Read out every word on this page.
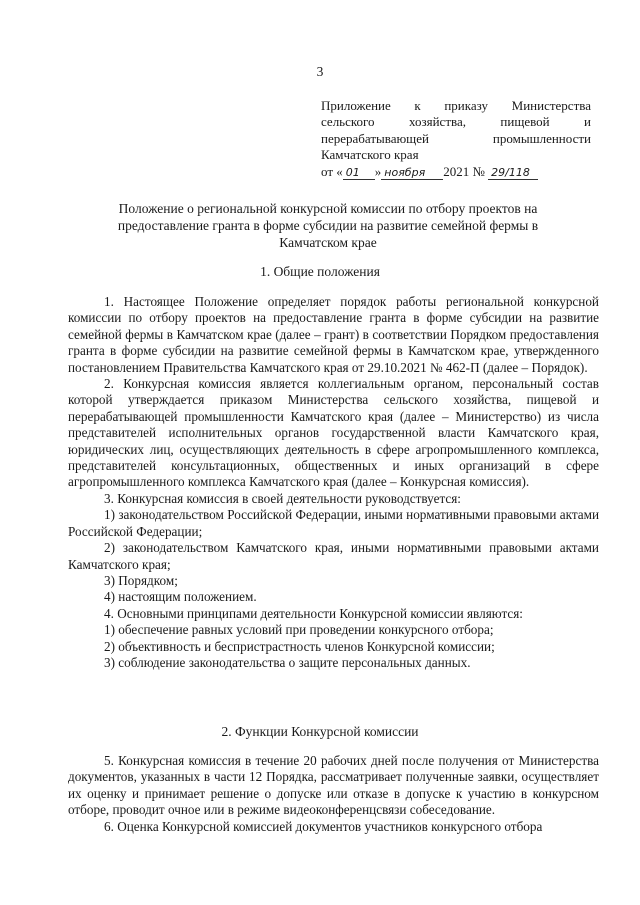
3
Приложение к приказу Министерства
сельского хозяйства, пищевой и
перерабатывающей промышленности
Камчатского края
от « 01 » ноября 2021 № 29/118
Положение о региональной конкурсной комиссии по отбору проектов на предоставление гранта в форме субсидии на развитие семейной фермы в Камчатском крае
1. Общие положения

1. Настоящее Положение определяет порядок работы региональной конкурсной комиссии по отбору проектов на предоставление гранта в форме субсидии на развитие семейной фермы в Камчатском крае (далее – грант) в соответствии Порядком предоставления гранта в форме субсидии на развитие семейной фермы в Камчатском крае, утвержденного постановлением Правительства Камчатского края от 29.10.2021 № 462-П (далее – Порядок).

2. Конкурсная комиссия является коллегиальным органом, персональный состав которой утверждается приказом Министерства сельского хозяйства, пищевой и перерабатывающей промышленности Камчатского края (далее – Министерство) из числа представителей исполнительных органов государственной власти Камчатского края, юридических лиц, осуществляющих деятельность в сфере агропромышленного комплекса, представителей консультационных, общественных и иных организаций в сфере агропромышленного комплекса Камчатского края (далее – Конкурсная комиссия).

3. Конкурсная комиссия в своей деятельности руководствуется:

1) законодательством Российской Федерации, иными нормативными правовыми актами Российской Федерации;

2) законодательством Камчатского края, иными нормативными правовыми актами Камчатского края;

3) Порядком;

4) настоящим положением.

4. Основными принципами деятельности Конкурсной комиссии являются:

1) обеспечение равных условий при проведении конкурсного отбора;

2) объективность и беспристрастность членов Конкурсной комиссии;

3) соблюдение законодательства о защите персональных данных.

2. Функции Конкурсной комиссии

5. Конкурсная комиссия в течение 20 рабочих дней после получения от Министерства документов, указанных в части 12 Порядка, рассматривает полученные заявки, осуществляет их оценку и принимает решение о допуске или отказе в допуске к участию в конкурсном отборе, проводит очное или в режиме видеоконференцсвязи собеседование.

6. Оценка Конкурсной комиссией документов участников конкурсного отбора
